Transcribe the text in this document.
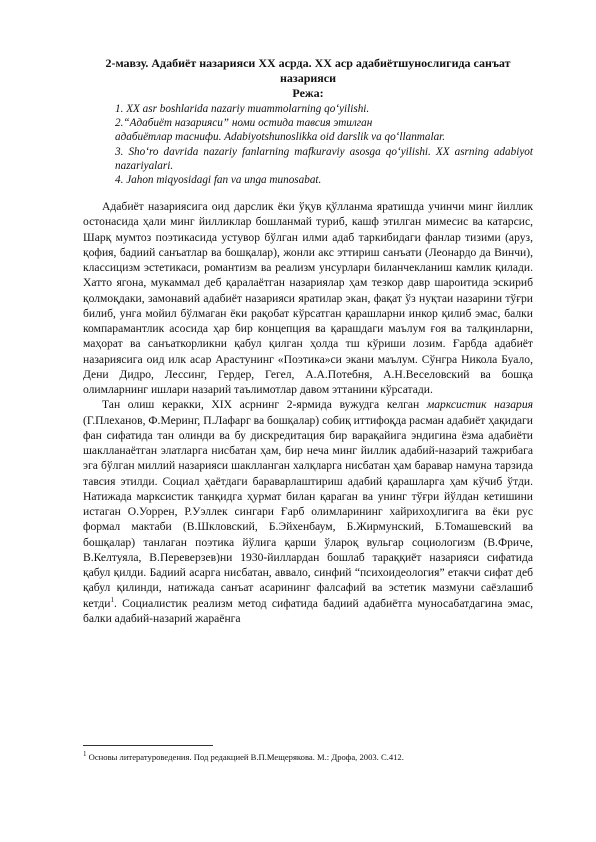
2-мавзу. Адабиёт назарияси XX асрда. XX аср адабиётшунослигида санъат назарияси
Режа:
1. XX asr boshlarida nazariy muammolarning qo‘yilishi.
2.“Адабиёт назарияси” номи остида тавсия этилган
адабиётлар таснифи. Adabiyotshunoslikka oid darslik va qo‘llanmalar.
3. Sho‘ro davrida nazariy fanlarning mafkuraviy asosga qo‘yilishi. XX asrning adabiyot nazariyalari.
4. Jahon miqyosidagi fan va unga munosabat.

Адабиёт назариясига оид дарслик ёки ўқув қўлланма яратишда учинчи минг йиллик остонасида ҳали минг йилликлар бошланмай туриб, кашф этилган мимесис ва катарсис, Шарқ мумтоз поэтикасида устувор бўлган илми адаб таркибидаги фанлар тизими (аруз, қофия, бадиий санъатлар ва бошқалар), жонли акс эттириш санъати (Леонардо да Винчи), классицизм эстетикаси, романтизм ва реализм унсурлари биланчекланиш камлик қилади. Хатто ягона, мукаммал деб қаралаётган назариялар ҳам тезкор давр шароитида эскириб қолмоқдаки, замонавий адабиёт назарияси яратилар экан, фақат ўз нуқтаи назарини тўғри билиб, унга мойил бўлмаган ёки рақобат кўрсатган қарашларни инкор қилиб эмас, балки компарамантлик асосида ҳар бир концепция ва қарашдаги маълум ғоя ва талқинларни, маҳорат ва санъаткорликни қабул қилган ҳолда тш кўриши лозим. Ғарбда адабиёт назариясига оид илк асар Арастунинг «Поэтика»си экани маълум. Сўнгра Никола Буало, Дени Дидро, Лессинг, Гердер, Гегел, А.А.Потебня, А.Н.Веселовский ва бошқа олимларнинг ишлари назарий таълимотлар давом эттанини кўрсатади.

Тан олиш керакки, XIX асрнинг 2-ярмида вужудга келган марксистик назария (Г.Плеханов, Ф.Меринг, П.Лафарг ва бошқалар) собиқ иттифоқда расман адабиёт ҳақидаги фан сифатида тан олинди ва бу дискредитация бир варақайига эндигина ёзма адабиёти шаклланаётган элатларга нисбатан ҳам, бир неча минг йиллик адабий-назарий тажрибага эга бўлган миллий назарияси шаклланган халқларга нисбатан ҳам баравар намуна тарзида тавсия этилди. Социал ҳаётдаги бараварлаштириш адабий қарашларга ҳам кўчиб ўтди. Натижада марксистик танқидга ҳурмат билан қараган ва унинг тўғри йўлдан кетишини истаган О.Уоррен, Р.Уэллек сингари Ғарб олимларининг хайрихоҳлигига ва ёки рус формал мактаби (В.Шкловский, Б.Эйхенбаум, Б.Жирмунский, Б.Томашевский ва бошқалар) танлаган поэтика йўлига қарши ўлароқ вульгар социологизм (В.Фриче, В.Келтуяла, В.Переверзев)ни 1930-йиллардан бошлаб тараққиёт назарияси сифатида қабул қилди. Бадиий асарга нисбатан, аввало, синфий “психоидеология” етакчи сифат деб қабул қилинди, натижада санъат асарининг фалсафий ва эстетик мазмуни саёзлашиб кетди$^1$. Социалистик реализм метод сифатида бадиий адабиётга муносабатдагина эмас, балки адабий-назарий жараёнга

$^1$ Основы литературоведения. Под редакцией В.П.Мещерякова. М.: Дрофа, 2003. С.412.
